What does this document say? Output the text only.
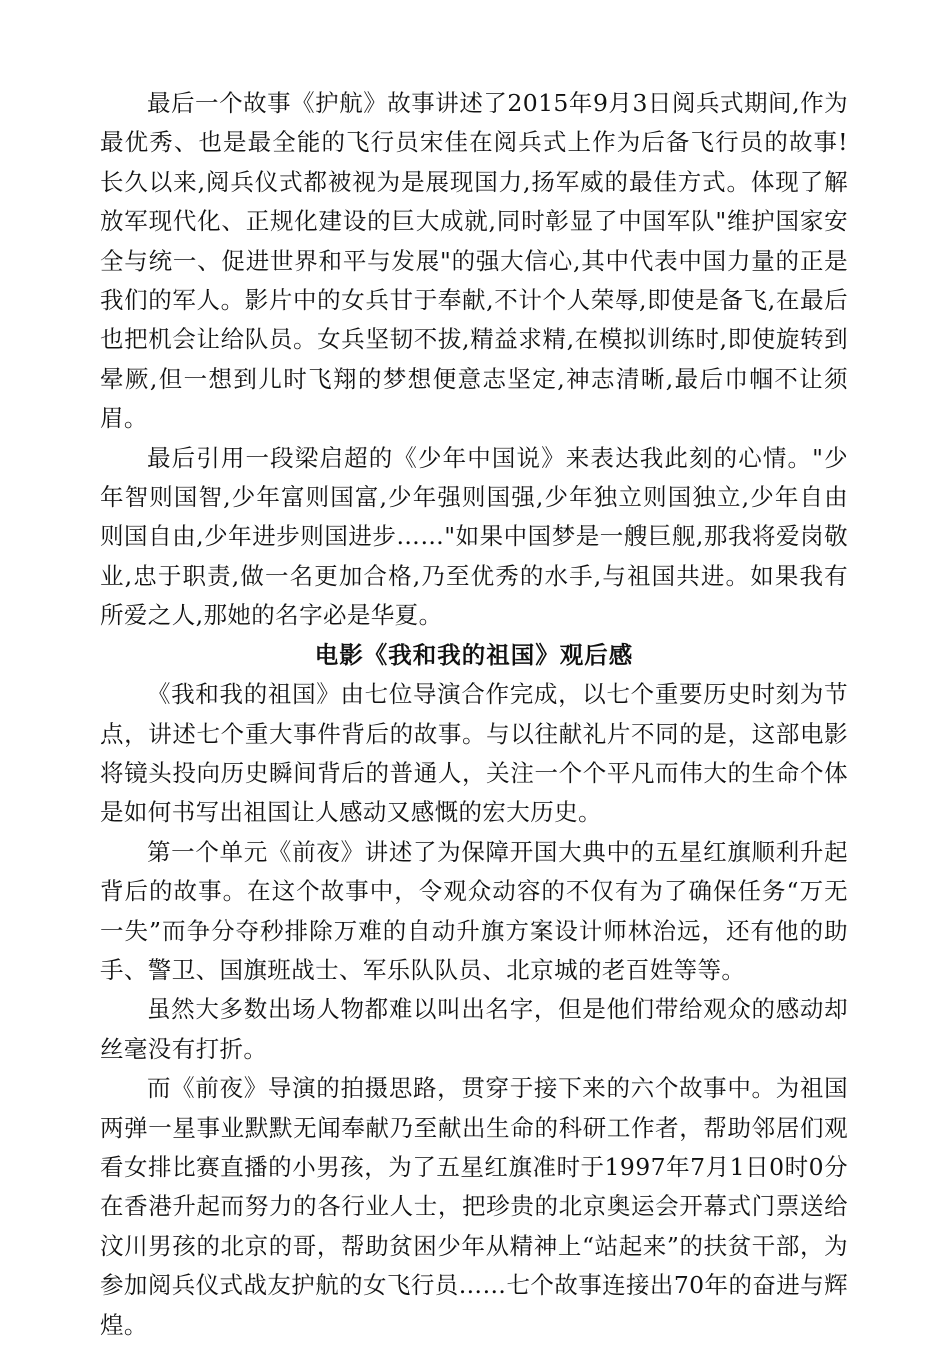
最后一个故事《护航》故事讲述了2015年9月3日阅兵式期间,作为最优秀、也是最全能的飞行员宋佳在阅兵式上作为后备飞行员的故事!长久以来,阅兵仪式都被视为是展现国力,扬军威的最佳方式。体现了解放军现代化、正规化建设的巨大成就,同时彰显了中国军队"维护国家安全与统一、促进世界和平与发展"的强大信心,其中代表中国力量的正是我们的军人。影片中的女兵甘于奉献,不计个人荣辱,即使是备飞,在最后也把机会让给队员。女兵坚韧不拔,精益求精,在模拟训练时,即使旋转到晕厥,但一想到儿时飞翔的梦想便意志坚定,神志清晰,最后巾帼不让须眉。

最后引用一段梁启超的《少年中国说》来表达我此刻的心情。"少年智则国智,少年富则国富,少年强则国强,少年独立则国独立,少年自由则国自由,少年进步则国进步……"如果中国梦是一艘巨舰,那我将爱岗敬业,忠于职责,做一名更加合格,乃至优秀的水手,与祖国共进。如果我有所爱之人,那她的名字必是华夏。

电影《我和我的祖国》观后感

《我和我的祖国》由七位导演合作完成，以七个重要历史时刻为节点，讲述七个重大事件背后的故事。与以往献礼片不同的是，这部电影将镜头投向历史瞬间背后的普通人，关注一个个平凡而伟大的生命个体是如何书写出祖国让人感动又感慨的宏大历史。

第一个单元《前夜》讲述了为保障开国大典中的五星红旗顺利升起背后的故事。在这个故事中，令观众动容的不仅有为了确保任务“万无一失”而争分夺秒排除万难的自动升旗方案设计师林治远，还有他的助手、警卫、国旗班战士、军乐队队员、北京城的老百姓等等。

虽然大多数出场人物都难以叫出名字，但是他们带给观众的感动却丝毫没有打折。

而《前夜》导演的拍摄思路，贯穿于接下来的六个故事中。为祖国两弹一星事业默默无闻奉献乃至献出生命的科研工作者，帮助邻居们观看女排比赛直播的小男孩，为了五星红旗准时于1997年7月1日0时0分在香港升起而努力的各行业人士，把珍贵的北京奥运会开幕式门票送给汶川男孩的北京的哥，帮助贫困少年从精神上“站起来”的扶贫干部，为参加阅兵仪式战友护航的女飞行员……七个故事连接出70年的奋进与辉煌。
